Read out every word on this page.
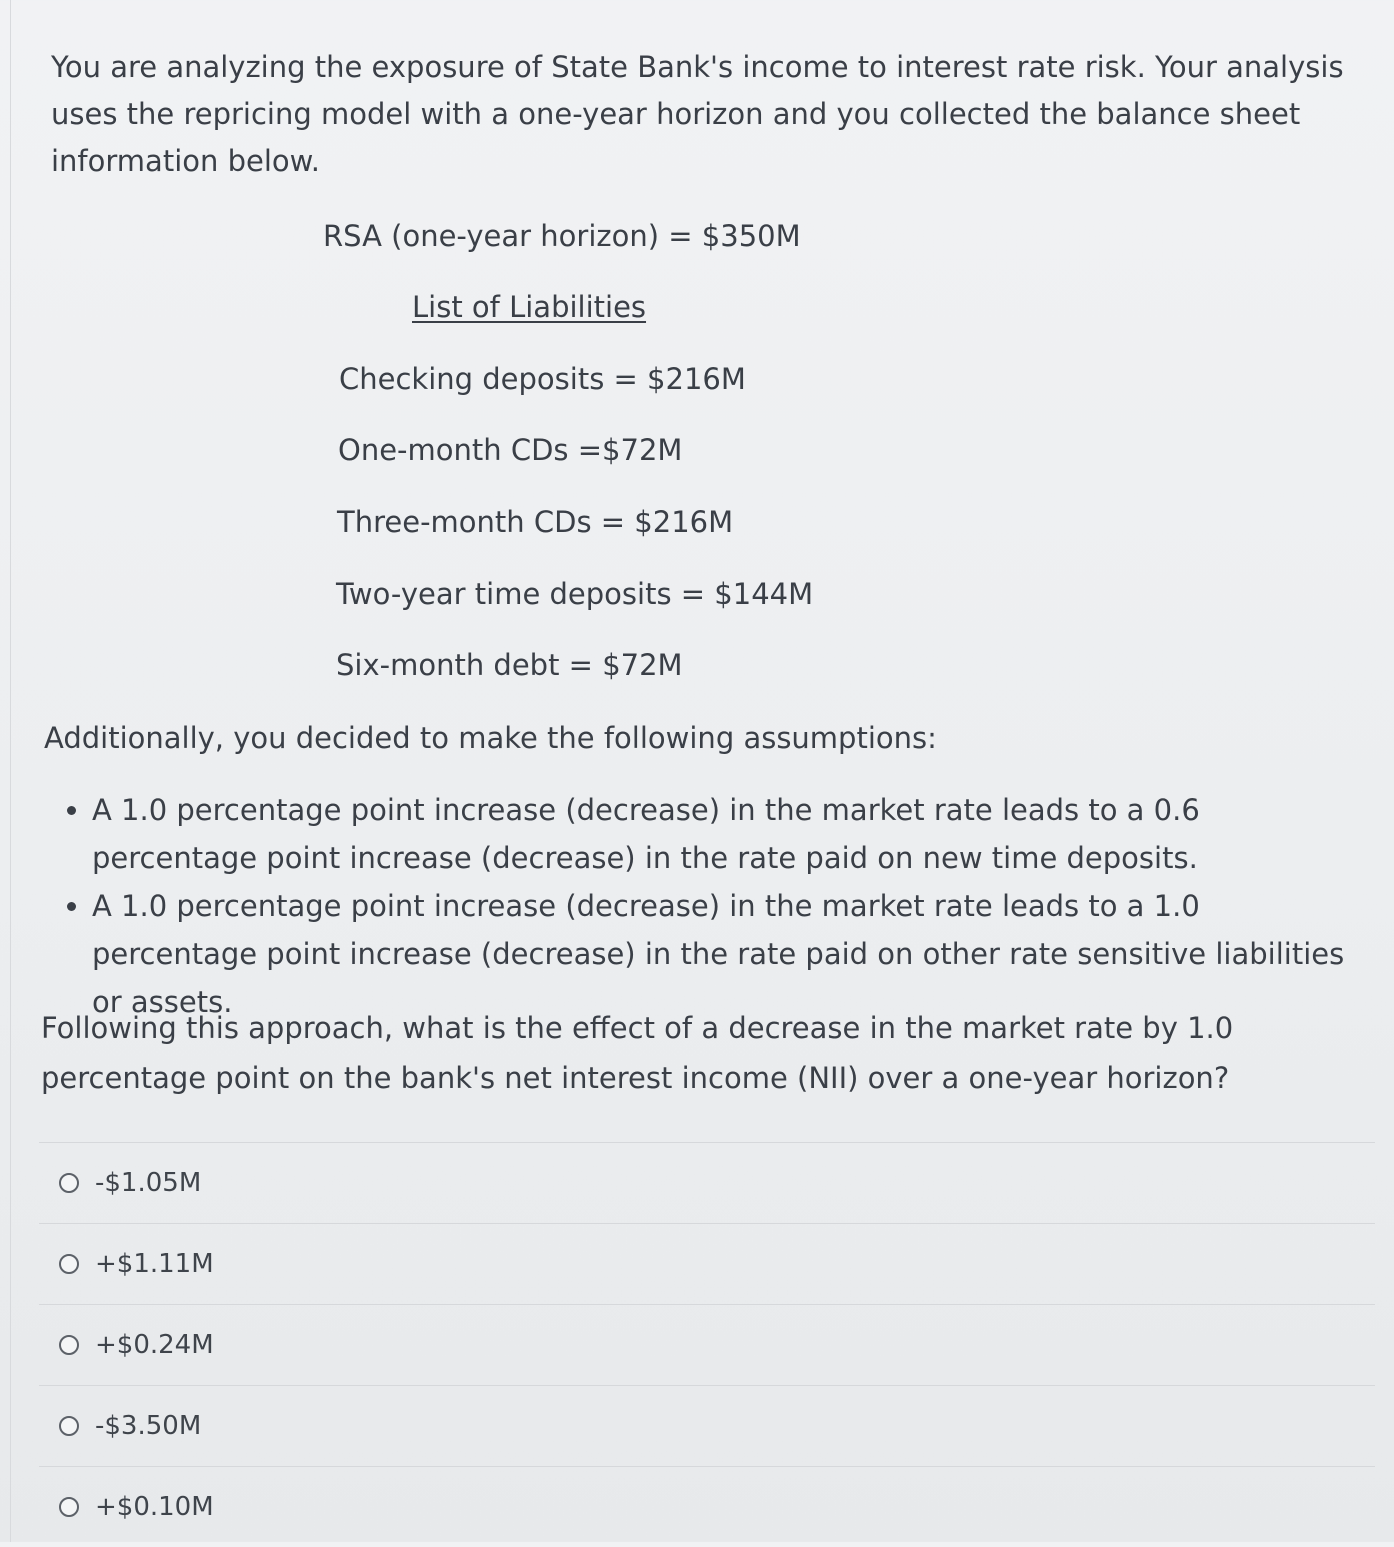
You are analyzing the exposure of State Bank's income to interest rate risk. Your analysis uses the repricing model with a one-year horizon and you collected the balance sheet information below.
RSA (one-year horizon) = $350M
List of Liabilities
Checking deposits = $216M
One-month CDs =$72M
Three-month CDs = $216M
Two-year time deposits = $144M
Six-month debt = $72M
Additionally, you decided to make the following assumptions:
• A 1.0 percentage point increase (decrease) in the market rate leads to a 0.6 percentage point increase (decrease) in the rate paid on new time deposits.
• A 1.0 percentage point increase (decrease) in the market rate leads to a 1.0 percentage point increase (decrease) in the rate paid on other rate sensitive liabilities or assets.
Following this approach, what is the effect of a decrease in the market rate by 1.0 percentage point on the bank's net interest income (NII) over a one-year horizon?
-$1.05M
+$1.11M
+$0.24M
-$3.50M
+$0.10M
